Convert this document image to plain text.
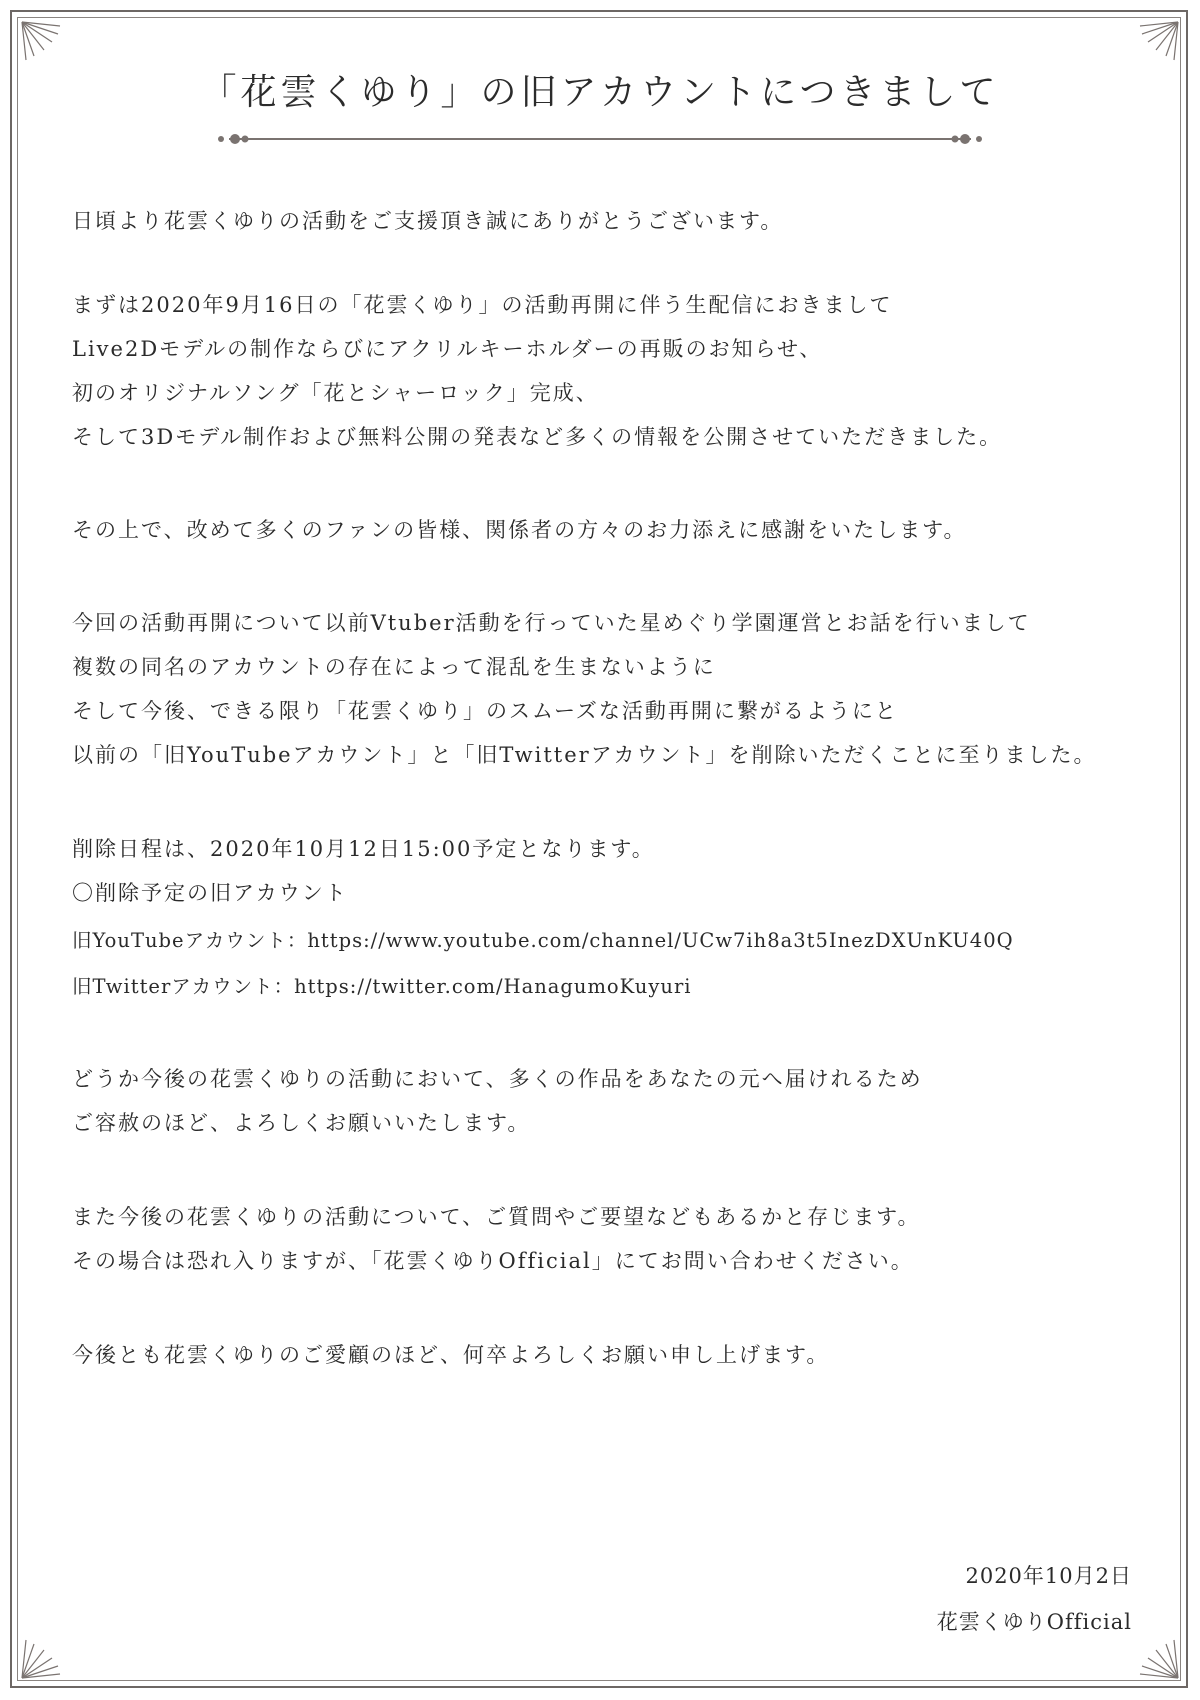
「花雲くゆり」の旧アカウントにつきまして
日頃より花雲くゆりの活動をご支援頂き誠にありがとうございます。
まずは2020年9月16日の「花雲くゆり」の活動再開に伴う生配信におきまして
Live2Dモデルの制作ならびにアクリルキーホルダーの再販のお知らせ、
初のオリジナルソング「花とシャーロック」完成、
そして3Dモデル制作および無料公開の発表など多くの情報を公開させていただきました。
その上で、改めて多くのファンの皆様、関係者の方々のお力添えに感謝をいたします。
今回の活動再開について以前Vtuber活動を行っていた星めぐり学園運営とお話を行いまして
複数の同名のアカウントの存在によって混乱を生まないように
そして今後、できる限り「花雲くゆり」のスムーズな活動再開に繋がるようにと
以前の「旧YouTubeアカウント」と「旧Twitterアカウント」を削除いただくことに至りました。
削除日程は、2020年10月12日15:00予定となります。
〇削除予定の旧アカウント
旧YouTubeアカウント：https://www.youtube.com/channel/UCw7ih8a3t5InezDXUnKU40Q
旧Twitterアカウント：https://twitter.com/HanagumoKuyuri
どうか今後の花雲くゆりの活動において、多くの作品をあなたの元へ届けれるため
ご容赦のほど、よろしくお願いいたします。
また今後の花雲くゆりの活動について、ご質問やご要望などもあるかと存じます。
その場合は恐れ入りますが、「花雲くゆりOfficial」にてお問い合わせください。
今後とも花雲くゆりのご愛顧のほど、何卒よろしくお願い申し上げます。
2020年10月2日
花雲くゆりOfficial
